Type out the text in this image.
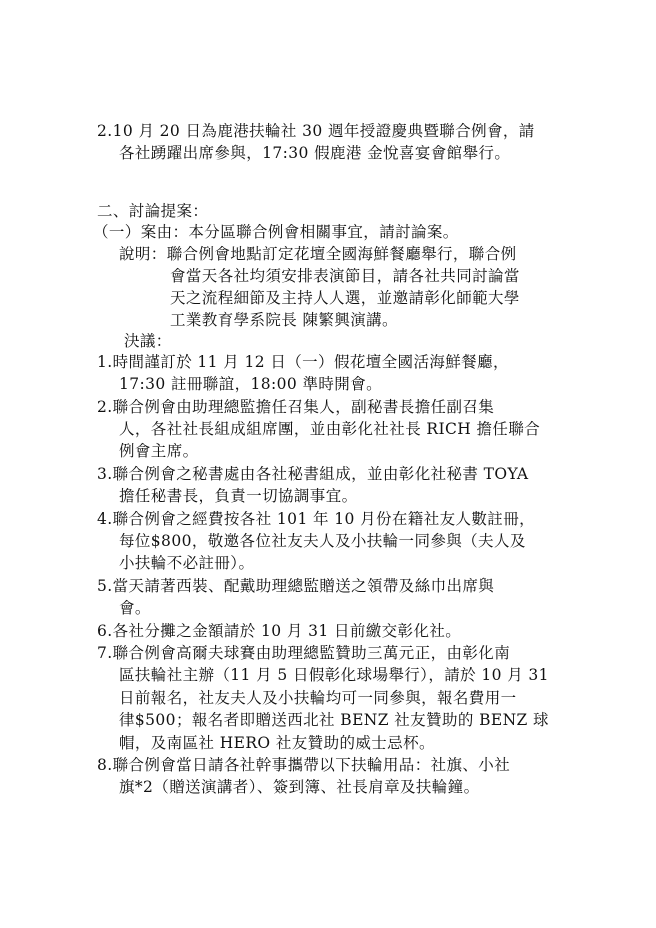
2.10 月 20 日為鹿港扶輪社 30 週年授證慶典暨聯合例會，請
各社踴躍出席參與，17:30 假鹿港 金悅喜宴會館舉行。
二、討論提案：
（一）案由：本分區聯合例會相關事宜，請討論案。
說明：聯合例會地點訂定花壇全國海鮮餐廳舉行，聯合例
會當天各社均須安排表演節目，請各社共同討論當
天之流程細節及主持人人選，並邀請彰化師範大學
工業教育學系院長 陳繁興演講。
決議：
1.時間謹訂於 11 月 12 日（一）假花壇全國活海鮮餐廳，
17:30 註冊聯誼，18:00 準時開會。
2.聯合例會由助理總監擔任召集人，副秘書長擔任副召集
人，各社社長組成組席團，並由彰化社社長 RICH 擔任聯合
例會主席。
3.聯合例會之秘書處由各社秘書組成，並由彰化社秘書 TOYA
擔任秘書長，負責一切協調事宜。
4.聯合例會之經費按各社 101 年 10 月份在籍社友人數註冊，
每位$800，敬邀各位社友夫人及小扶輪一同參與（夫人及
小扶輪不必註冊）。
5.當天請著西裝、配戴助理總監贈送之領帶及絲巾出席與
會。
6.各社分攤之金額請於 10 月 31 日前繳交彰化社。
7.聯合例會高爾夫球賽由助理總監贊助三萬元正，由彰化南
區扶輪社主辦（11 月 5 日假彰化球場舉行），請於 10 月 31
日前報名，社友夫人及小扶輪均可一同參與，報名費用一
律$500；報名者即贈送西北社 BENZ 社友贊助的 BENZ 球
帽，及南區社 HERO 社友贊助的威士忌杯。
8.聯合例會當日請各社幹事攜帶以下扶輪用品：社旗、小社
旗*2（贈送演講者）、簽到簿、社長肩章及扶輪鐘。
